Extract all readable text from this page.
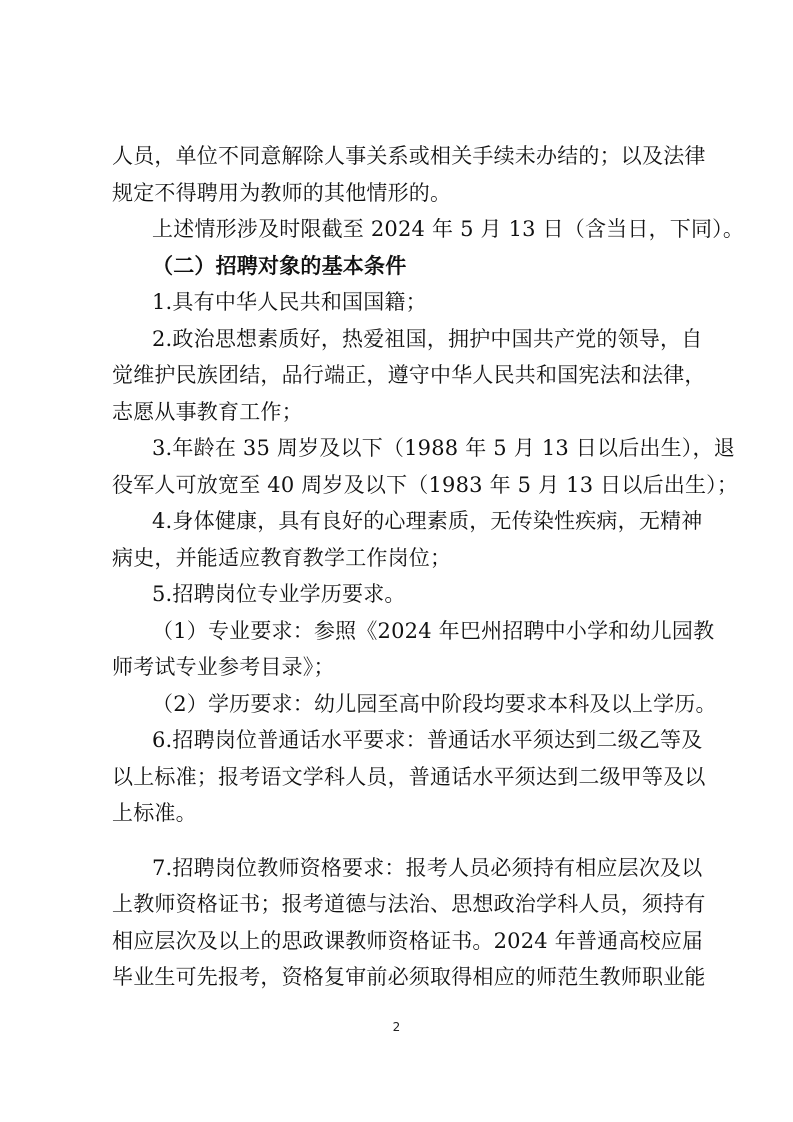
人员，单位不同意解除人事关系或相关手续未办结的；以及法律
规定不得聘用为教师的其他情形的。
上述情形涉及时限截至 2024 年 5 月 13 日（含当日，下同）。
（二）招聘对象的基本条件
1.具有中华人民共和国国籍；
2.政治思想素质好，热爱祖国，拥护中国共产党的领导，自
觉维护民族团结，品行端正，遵守中华人民共和国宪法和法律，
志愿从事教育工作；
3.年龄在 35 周岁及以下（1988 年 5 月 13 日以后出生），退
役军人可放宽至 40 周岁及以下（1983 年 5 月 13 日以后出生）；
4.身体健康，具有良好的心理素质，无传染性疾病，无精神
病史，并能适应教育教学工作岗位；
5.招聘岗位专业学历要求。
（1）专业要求：参照《2024 年巴州招聘中小学和幼儿园教
师考试专业参考目录》；
（2）学历要求：幼儿园至高中阶段均要求本科及以上学历。
6.招聘岗位普通话水平要求：普通话水平须达到二级乙等及
以上标准；报考语文学科人员，普通话水平须达到二级甲等及以
上标准。
7.招聘岗位教师资格要求：报考人员必须持有相应层次及以
上教师资格证书；报考道德与法治、思想政治学科人员，须持有
相应层次及以上的思政课教师资格证书。2024 年普通高校应届
毕业生可先报考，资格复审前必须取得相应的师范生教师职业能
2
